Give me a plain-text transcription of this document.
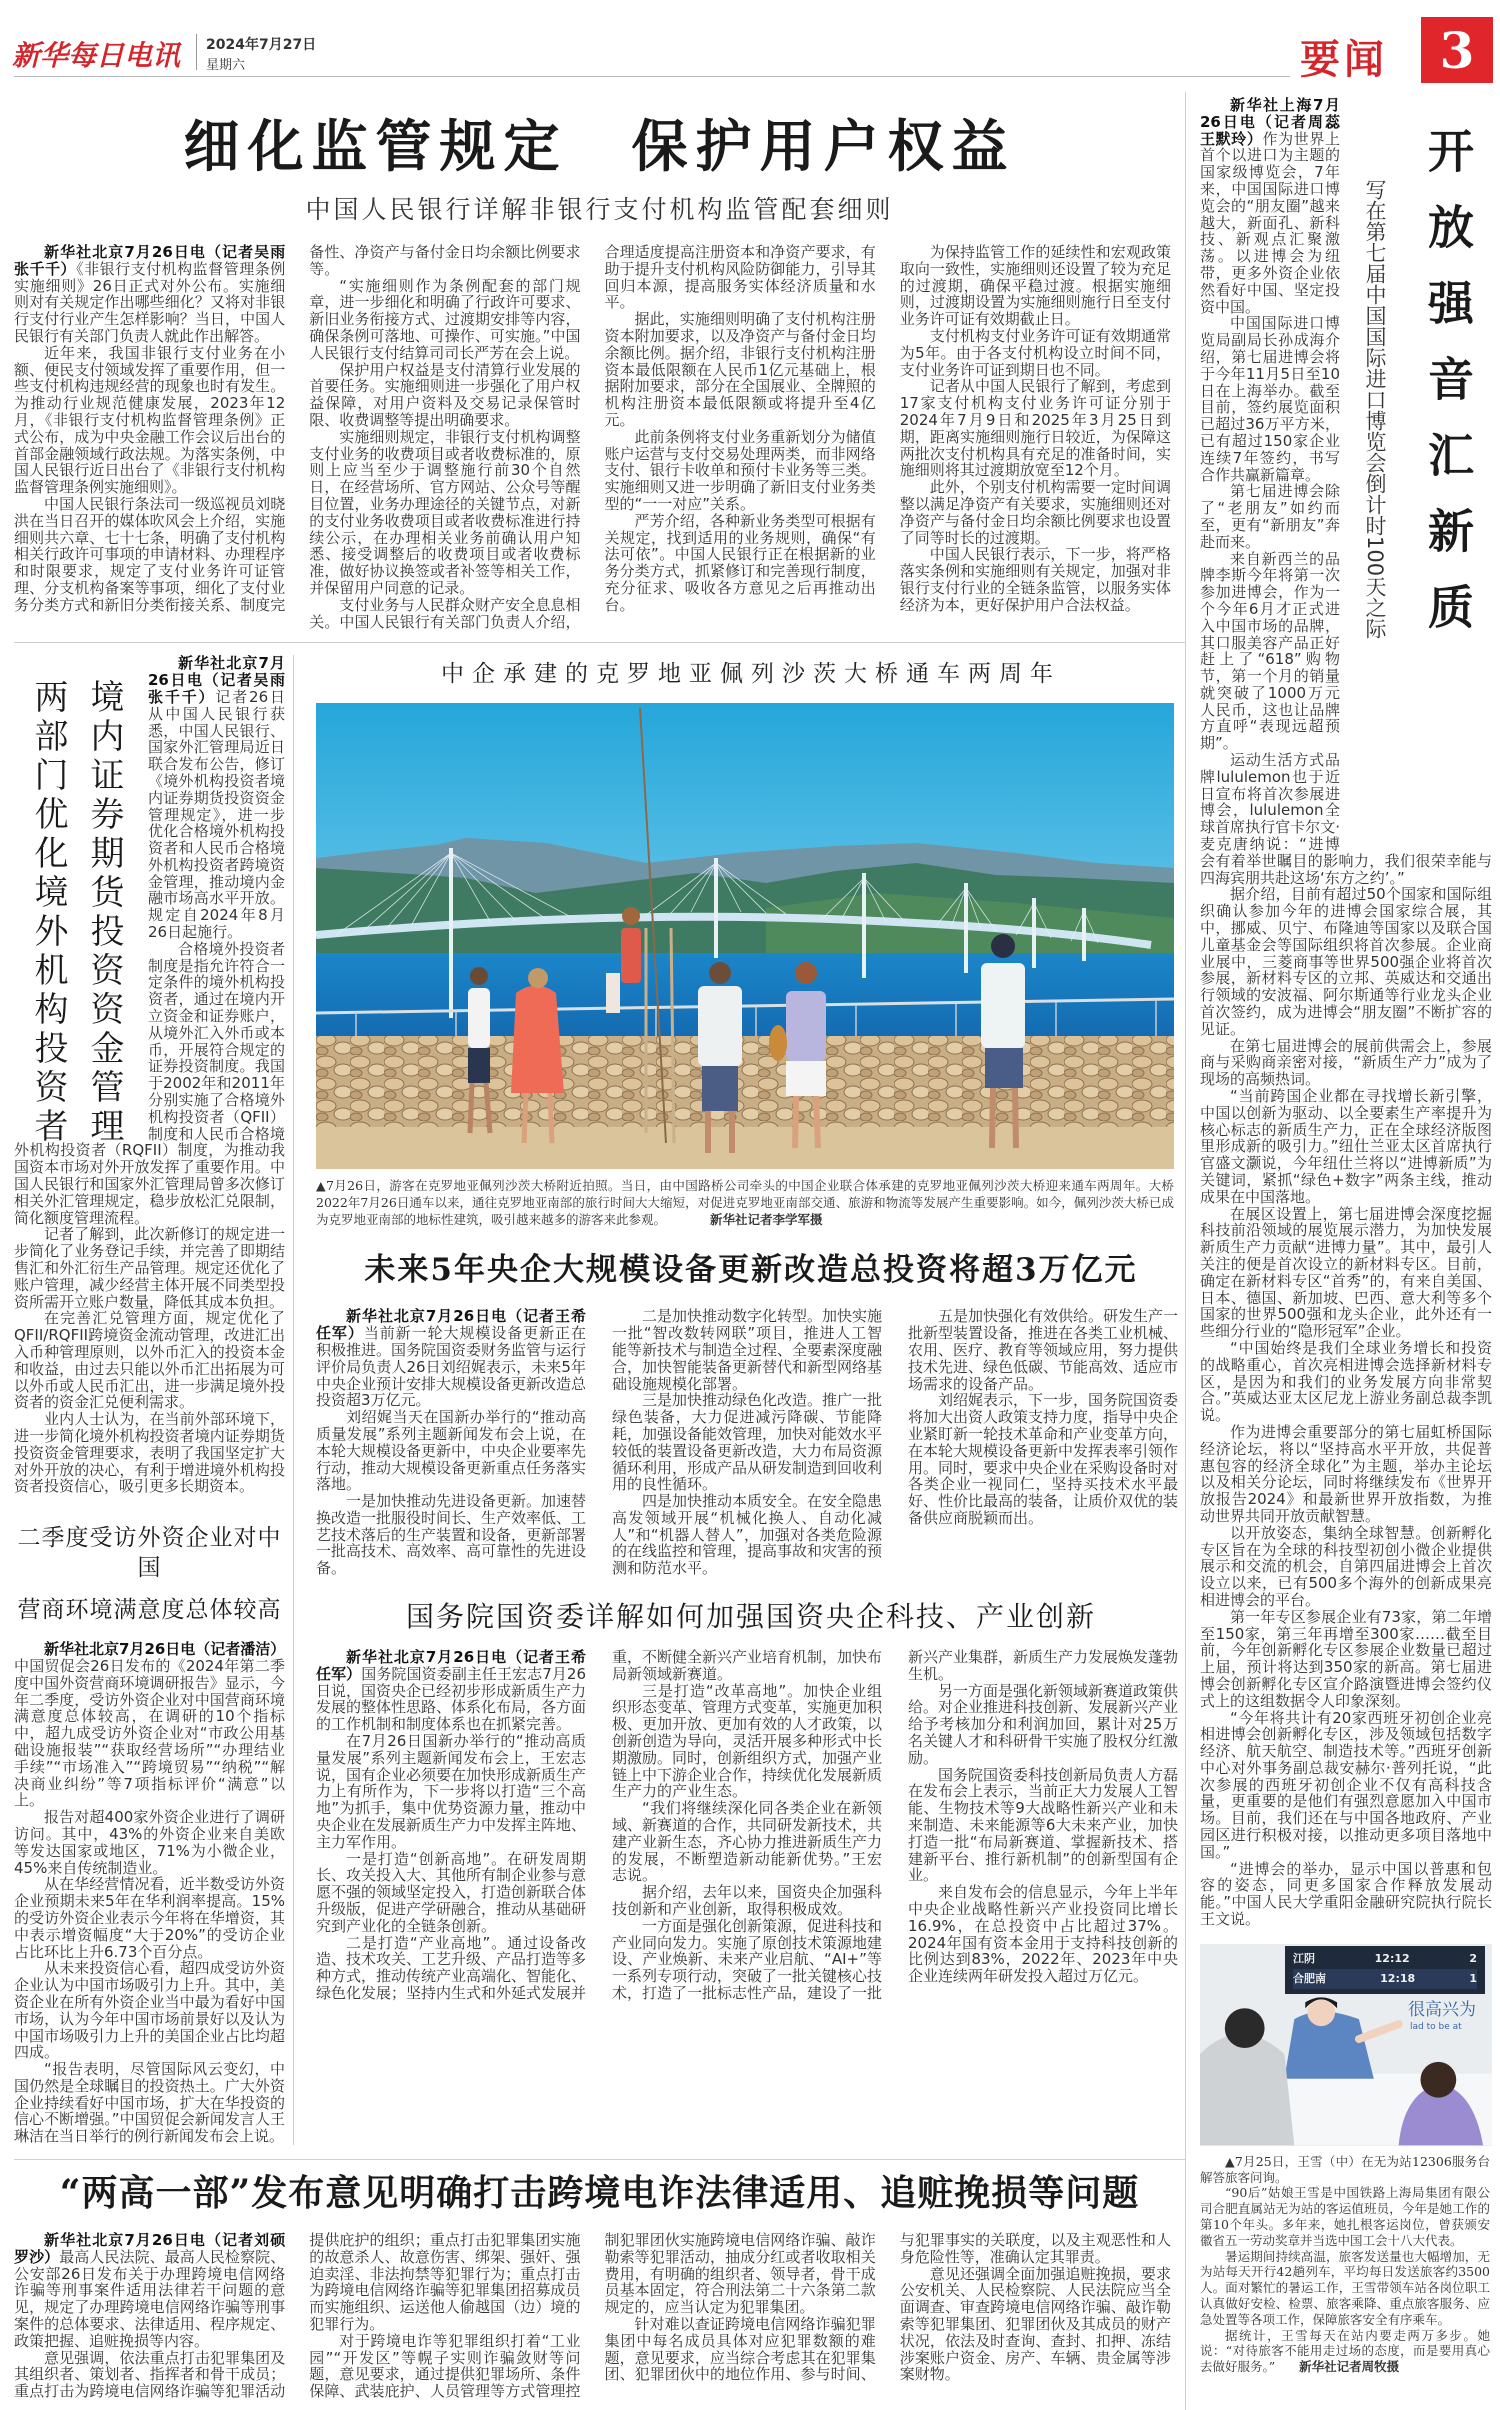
新华每日电讯 2024年7月27日
星期六	要闻 3
细化监管规定　保护用户权益
中国人民银行详解非银行支付机构监管配套细则

新华社北京7月26日电（记者吴雨　张千千）《非银行支付机构监督管理条例实施细则》26日正式对外公布。实施细则对有关规定作出哪些细化？又将对非银行支付行业产生怎样影响？当日，中国人民银行有关部门负责人就此作出解答。

近年来，我国非银行支付业务在小额、便民支付领域发挥了重要作用，但一些支付机构违规经营的现象也时有发生。为推动行业规范健康发展，2023年12月，《非银行支付机构监督管理条例》正式公布，成为中央金融工作会议后出台的首部金融领域行政法规。为落实条例，中国人民银行近日出台了《非银行支付机构监督管理条例实施细则》。

中国人民银行条法司一级巡视员刘晓洪在当日召开的媒体吹风会上介绍，实施细则共六章、七十七条，明确了支付机构相关行政许可事项的申请材料、办理程序和时限要求，规定了支付业务许可证管理、分支机构备案等事项，细化了支付业务分类方式和新旧分类衔接关系、制度完备性、净资产与备付金日均余额比例要求等。

“实施细则作为条例配套的部门规章，进一步细化和明确了行政许可要求、新旧业务衔接方式、过渡期安排等内容，确保条例可落地、可操作、可实施。”中国人民银行支付结算司司长严芳在会上说。

保护用户权益是支付清算行业发展的首要任务。实施细则进一步强化了用户权益保障，对用户资料及交易记录保管时限、收费调整等提出明确要求。

实施细则规定，非银行支付机构调整支付业务的收费项目或者收费标准的，原则上应当至少于调整施行前30个自然日，在经营场所、官方网站、公众号等醒目位置，业务办理途径的关键节点，对新的支付业务收费项目或者收费标准进行持续公示，在办理相关业务前确认用户知悉、接受调整后的收费项目或者收费标准，做好协议换签或者补签等相关工作，并保留用户同意的记录。

支付业务与人民群众财产安全息息相关。中国人民银行有关部门负责人介绍，合理适度提高注册资本和净资产要求，有助于提升支付机构风险防御能力，引导其回归本源，提高服务实体经济质量和水平。

据此，实施细则明确了支付机构注册资本附加要求，以及净资产与备付金日均余额比例。据介绍，非银行支付机构注册资本最低限额在人民币1亿元基础上，根据附加要求，部分在全国展业、全牌照的机构注册资本最低限额或将提升至4亿元。

此前条例将支付业务重新划分为储值账户运营与支付交易处理两类，而非网络支付、银行卡收单和预付卡业务等三类。实施细则又进一步明确了新旧支付业务类型的“一一对应”关系。

严芳介绍，各种新业务类型可根据有关规定，找到适用的业务规则，确保“有法可依”。中国人民银行正在根据新的业务分类方式，抓紧修订和完善现行制度，充分征求、吸收各方意见之后再推动出台。

为保持监管工作的延续性和宏观政策取向一致性，实施细则还设置了较为充足的过渡期，确保平稳过渡。根据实施细则，过渡期设置为实施细则施行日至支付业务许可证有效期截止日。

支付机构支付业务许可证有效期通常为5年。由于各支付机构设立时间不同，支付业务许可证到期日也不同。

记者从中国人民银行了解到，考虑到17家支付机构支付业务许可证分别于2024年7月9日和2025年3月25日到期，距离实施细则施行日较近，为保障这两批次支付机构具有充足的准备时间，实施细则将其过渡期放宽至12个月。

此外，个别支付机构需要一定时间调整以满足净资产有关要求，实施细则还对净资产与备付金日均余额比例要求也设置了同等时长的过渡期。

中国人民银行表示，下一步，将严格落实条例和实施细则有关规定，加强对非银行支付行业的全链条监管，以服务实体经济为本，更好保护用户合法权益。

两部门优化境外机构投资者 境内证券期货投资资金管理

新华社北京7月26日电（记者吴雨　张千千）记者26日从中国人民银行获悉，中国人民银行、国家外汇管理局近日联合发布公告，修订《境外机构投资者境内证券期货投资资金管理规定》，进一步优化合格境外机构投资者和人民币合格境外机构投资者跨境资金管理，推动境内金融市场高水平开放。规定自2024年8月26日起施行。

合格境外投资者制度是指允许符合一定条件的境外机构投资者，通过在境内开立资金和证券账户，从境外汇入外币或本币，开展符合规定的证券投资制度。我国于2002年和2011年分别实施了合格境外机构投资者（QFII）制度和人民币合格境外机构投资者（RQFII）制度，为推动我国资本市场对外开放发挥了重要作用。中国人民银行和国家外汇管理局曾多次修订相关外汇管理规定，稳步放松汇兑限制，简化额度管理流程。

记者了解到，此次新修订的规定进一步简化了业务登记手续，并完善了即期结售汇和外汇衍生产品管理。规定还优化了账户管理，减少经营主体开展不同类型投资所需开立账户数量，降低其成本负担。

在完善汇兑管理方面，规定优化了QFII/RQFII跨境资金流动管理，改进汇出入币种管理原则，以外币汇入的投资本金和收益，由过去只能以外币汇出拓展为可以外币或人民币汇出，进一步满足境外投资者的资金汇兑便利需求。

业内人士认为，在当前外部环境下，进一步简化境外机构投资者境内证券期货投资资金管理要求，表明了我国坚定扩大对外开放的决心，有利于增进境外机构投资者投资信心，吸引更多长期资本。

二季度受访外资企业对中国
营商环境满意度总体较高

新华社北京7月26日电（记者潘洁）中国贸促会26日发布的《2024年第二季度中国外资营商环境调研报告》显示，今年二季度，受访外资企业对中国营商环境满意度总体较高，在调研的10个指标中，超九成受访外资企业对“市政公用基础设施报装”“获取经营场所”“办理结业手续”“市场准入”“跨境贸易”“纳税”“解决商业纠纷”等7项指标评价“满意”以上。

报告对超400家外资企业进行了调研访问。其中，43%的外资企业来自美欧等发达国家或地区，71%为小微企业，45%来自传统制造业。

从在华经营情况看，近半数受访外资企业预期未来5年在华利润率提高。15%的受访外资企业表示今年将在华增资，其中表示增资幅度“大于20%”的受访企业占比环比上升6.73个百分点。

从未来投资信心看，超四成受访外资企业认为中国市场吸引力上升。其中，美资企业在所有外资企业当中最为看好中国市场，认为今年中国市场前景好以及认为中国市场吸引力上升的美国企业占比均超四成。

“报告表明，尽管国际风云变幻，中国仍然是全球瞩目的投资热土。广大外资企业持续看好中国市场，扩大在华投资的信心不断增强。”中国贸促会新闻发言人王琳洁在当日举行的例行新闻发布会上说。

中企承建的克罗地亚佩列沙茨大桥通车两周年
▲7月26日，游客在克罗地亚佩列沙茨大桥附近拍照。当日，由中国路桥公司牵头的中国企业联合体承建的克罗地亚佩列沙茨大桥迎来通车两周年。大桥2022年7月26日通车以来，通往克罗地亚南部的旅行时间大大缩短，对促进克罗地亚南部交通、旅游和物流等发展产生重要影响。如今，佩列沙茨大桥已成为克罗地亚南部的地标性建筑，吸引越来越多的游客来此参观。	新华社记者李学军摄
未来5年央企大规模设备更新改造总投资将超3万亿元

新华社北京7月26日电（记者王希　任军）当前新一轮大规模设备更新正在积极推进。国务院国资委财务监管与运行评价局负责人26日刘绍娓表示，未来5年中央企业预计安排大规模设备更新改造总投资超3万亿元。

刘绍娓当天在国新办举行的“推动高质量发展”系列主题新闻发布会上说，在本轮大规模设备更新中，中央企业要率先行动，推动大规模设备更新重点任务落实落地。

一是加快推动先进设备更新。加速替换改造一批服役时间长、生产效率低、工艺技术落后的生产装置和设备，更新部署一批高技术、高效率、高可靠性的先进设备。

二是加快推动数字化转型。加快实施一批“智改数转网联”项目，推进人工智能等新技术与制造全过程、全要素深度融合，加快智能装备更新替代和新型网络基础设施规模化部署。

三是加快推动绿色化改造。推广一批绿色装备，大力促进减污降碳、节能降耗，加强设备能效管理，加快对能效水平较低的装置设备更新改造，大力布局资源循环利用，形成产品从研发制造到回收利用的良性循环。

四是加快推动本质安全。在安全隐患高发领域开展“机械化换人、自动化减人”和“机器人替人”，加强对各类危险源的在线监控和管理，提高事故和灾害的预测和防范水平。

五是加快强化有效供给。研发生产一批新型装置设备，推进在各类工业机械、农用、医疗、教育等领域应用，努力提供技术先进、绿色低碳、节能高效、适应市场需求的设备产品。

刘绍娓表示，下一步，国务院国资委将加大出资人政策支持力度，指导中央企业紧盯新一轮技术革命和产业变革方向，在本轮大规模设备更新中发挥表率引领作用。同时，要求中央企业在采购设备时对各类企业一视同仁，坚持买技术水平最好、性价比最高的装备，让质价双优的装备供应商脱颖而出。

国务院国资委详解如何加强国资央企科技、产业创新

新华社北京7月26日电（记者王希　任军）国务院国资委副主任王宏志7月26日说，国资央企已经初步形成新质生产力发展的整体性思路、体系化布局，各方面的工作机制和制度体系也在抓紧完善。

在7月26日国新办举行的“推动高质量发展”系列主题新闻发布会上，王宏志说，国有企业必须要在加快形成新质生产力上有所作为，下一步将以打造“三个高地”为抓手，集中优势资源力量，推动中央企业在发展新质生产力中发挥主阵地、主力军作用。

一是打造“创新高地”。在研发周期长、攻关投入大、其他所有制企业参与意愿不强的领域坚定投入，打造创新联合体升级版，促进产学研融合，推动从基础研究到产业化的全链条创新。

二是打造“产业高地”。通过设备改造、技术攻关、工艺升级、产品打造等多种方式，推动传统产业高端化、智能化、绿色化发展；坚持内生式和外延式发展并重，不断健全新兴产业培育机制，加快布局新领域新赛道。

三是打造“改革高地”。加快企业组织形态变革、管理方式变革，实施更加积极、更加开放、更加有效的人才政策，以创新创造为导向，灵活开展多种形式中长期激励。同时，创新组织方式，加强产业链上中下游企业合作，持续优化发展新质生产力的产业生态。

“我们将继续深化同各类企业在新领域、新赛道的合作，共同研发新技术，共建产业新生态，齐心协力推进新质生产力的发展，不断塑造新动能新优势。”王宏志说。

据介绍，去年以来，国资央企加强科技创新和产业创新，取得积极成效。

一方面是强化创新策源，促进科技和产业同向发力。实施了原创技术策源地建设、产业焕新、未来产业启航、“AI+”等一系列专项行动，突破了一批关键核心技术，打造了一批标志性产品，建设了一批新兴产业集群，新质生产力发展焕发蓬勃生机。

另一方面是强化新领域新赛道政策供给。对企业推进科技创新、发展新兴产业给予考核加分和利润加回，累计对25万名关键人才和科研骨干实施了股权分红激励。

国务院国资委科技创新局负责人方磊在发布会上表示，当前正大力发展人工智能、生物技术等9大战略性新兴产业和未来制造、未来能源等6大未来产业，加快打造一批“布局新赛道、掌握新技术、搭建新平台、推行新机制”的创新型国有企业。

来自发布会的信息显示，今年上半年中央企业战略性新兴产业投资同比增长16.9%，在总投资中占比超过37%。2024年国有资本金用于支持科技创新的比例达到83%，2022年、2023年中央企业连续两年研发投入超过万亿元。

“两高一部”发布意见明确打击跨境电诈法律适用、追赃挽损等问题

新华社北京7月26日电（记者刘硕　罗沙）最高人民法院、最高人民检察院、公安部26日发布关于办理跨境电信网络诈骗等刑事案件适用法律若干问题的意见，规定了办理跨境电信网络诈骗等刑事案件的总体要求、法律适用、程序规定、政策把握、追赃挽损等内容。

意见强调，依法重点打击犯罪集团及其组织者、策划者、指挥者和骨干成员；重点打击为跨境电信网络诈骗等犯罪活动提供庇护的组织；重点打击犯罪集团实施的故意杀人、故意伤害、绑架、强奸、强迫卖淫、非法拘禁等犯罪行为；重点打击为跨境电信网络诈骗等犯罪集团招募成员而实施组织、运送他人偷越国（边）境的犯罪行为。

对于跨境电诈等犯罪组织打着“工业园”“开发区”等幌子实则诈骗敛财等问题，意见要求，通过提供犯罪场所、条件保障、武装庇护、人员管理等方式管理控制犯罪团伙实施跨境电信网络诈骗、敲诈勒索等犯罪活动，抽成分红或者收取相关费用，有明确的组织者、领导者，骨干成员基本固定，符合刑法第二十六条第二款规定的，应当认定为犯罪集团。

针对难以查证跨境电信网络诈骗犯罪集团中每名成员具体对应犯罪数额的难题，意见要求，应当综合考虑其在犯罪集团、犯罪团伙中的地位作用、参与时间、与犯罪事实的关联度，以及主观恶性和人身危险性等，准确认定其罪责。

意见还强调全面加强追赃挽损，要求公安机关、人民检察院、人民法院应当全面调查、审查跨境电信网络诈骗、敲诈勒索等犯罪集团、犯罪团伙及其成员的财产状况，依法及时查询、查封、扣押、冻结涉案账户资金、房产、车辆、贵金属等涉案财物。

写在第七届中国国际进口博览会倒计时100天之际 开放强音汇新质

新华社上海7月26日电（记者周蕊　王默玲）作为世界上首个以进口为主题的国家级博览会，7年来，中国国际进口博览会的“朋友圈”越来越大，新面孔、新科技、新观点汇聚激荡。以进博会为纽带，更多外资企业依然看好中国、坚定投资中国。

中国国际进口博览局副局长孙成海介绍，第七届进博会将于今年11月5日至10日在上海举办。截至目前，签约展览面积已超过36万平方米，已有超过150家企业连续7年签约，书写合作共赢新篇章。

第七届进博会除了“老朋友”如约而至，更有“新朋友”奔赴而来。

来自新西兰的品牌李斯今年将第一次参加进博会，作为一个今年6月才正式进入中国市场的品牌，其口服美容产品正好赶上了“618”购物节，第一个月的销量就突破了1000万元人民币，这也让品牌方直呼“表现远超预期”。

运动生活方式品牌lululemon也于近日宣布将首次参展进博会，lululemon全球首席执行官卡尔文·麦克唐纳说：“进博会有着举世瞩目的影响力，我们很荣幸能与四海宾朋共赴这场‘东方之约’。”

据介绍，目前有超过50个国家和国际组织确认参加今年的进博会国家综合展，其中，挪威、贝宁、布隆迪等国家以及联合国儿童基金会等国际组织将首次参展。企业商业展中，三菱商事等世界500强企业将首次参展，新材料专区的立邦、英威达和交通出行领域的安波福、阿尔斯通等行业龙头企业首次签约，成为进博会“朋友圈”不断扩容的见证。

在第七届进博会的展前供需会上，参展商与采购商亲密对接，“新质生产力”成为了现场的高频热词。

“当前跨国企业都在寻找增长新引擎，中国以创新为驱动、以全要素生产率提升为核心标志的新质生产力，正在全球经济版图里形成新的吸引力。”纽仕兰亚太区首席执行官盛文灏说，今年纽仕兰将以“进博新质”为关键词，紧抓“绿色+数字”两条主线，推动成果在中国落地。

在展区设置上，第七届进博会深度挖掘科技前沿领域的展览展示潜力，为加快发展新质生产力贡献“进博力量”。其中，最引人关注的便是首次设立的新材料专区。目前，确定在新材料专区“首秀”的，有来自美国、日本、德国、新加坡、巴西、意大利等多个国家的世界500强和龙头企业，此外还有一些细分行业的“隐形冠军”企业。

“中国始终是我们全球业务增长和投资的战略重心，首次亮相进博会选择新材料专区，是因为和我们的业务发展方向非常契合。”英威达亚太区尼龙上游业务副总裁李凯说。

作为进博会重要部分的第七届虹桥国际经济论坛，将以“坚持高水平开放，共促普惠包容的经济全球化”为主题，举办主论坛以及相关分论坛，同时将继续发布《世界开放报告2024》和最新世界开放指数，为推动世界共同开放贡献智慧。

以开放姿态，集纳全球智慧。创新孵化专区旨在为全球的科技型初创小微企业提供展示和交流的机会，自第四届进博会上首次设立以来，已有500多个海外的创新成果亮相进博会的平台。

第一年专区参展企业有73家，第二年增至150家，第三年再增至300家……截至目前，今年创新孵化专区参展企业数量已超过上届，预计将达到350家的新高。第七届进博会创新孵化专区宣介路演暨进博会签约仪式上的这组数据令人印象深刻。

“今年将共计有20家西班牙初创企业亮相进博会创新孵化专区，涉及领域包括数字经济、航天航空、制造技术等。”西班牙创新中心对外事务副总裁安赫尔·普列托说，“此次参展的西班牙初创企业不仅有高科技含量，更重要的是他们有强烈意愿加入中国市场。目前，我们还在与中国各地政府、产业园区进行积极对接，以推动更多项目落地中国。”

“进博会的举办，显示中国以普惠和包容的姿态，同更多国家合作释放发展动能。”中国人民大学重阳金融研究院执行院长王文说。

江阴	12:12	2
合肥南	12:18	1
很高兴为
lad to be at

▲7月25日，王雪（中）在无为站12306服务台解答旅客问询。

“90后”姑娘王雪是中国铁路上海局集团有限公司合肥直属站无为站的客运值班员，今年是她工作的第10个年头。多年来，她扎根客运岗位，曾获颁安徽省五一劳动奖章并当选中国工会十八大代表。

暑运期间持续高温，旅客发送量也大幅增加，无为站每天开行42趟列车，平均每日发送旅客约3500人。面对繁忙的暑运工作，王雪带领车站各岗位职工认真做好安检、检票、旅客乘降、重点旅客服务、应急处置等各项工作，保障旅客安全有序乘车。

据统计，王雪每天在站内要走两万多步。她说：“对待旅客不能用走过场的态度，而是要用真心去做好服务。” 新华社记者周牧摄
